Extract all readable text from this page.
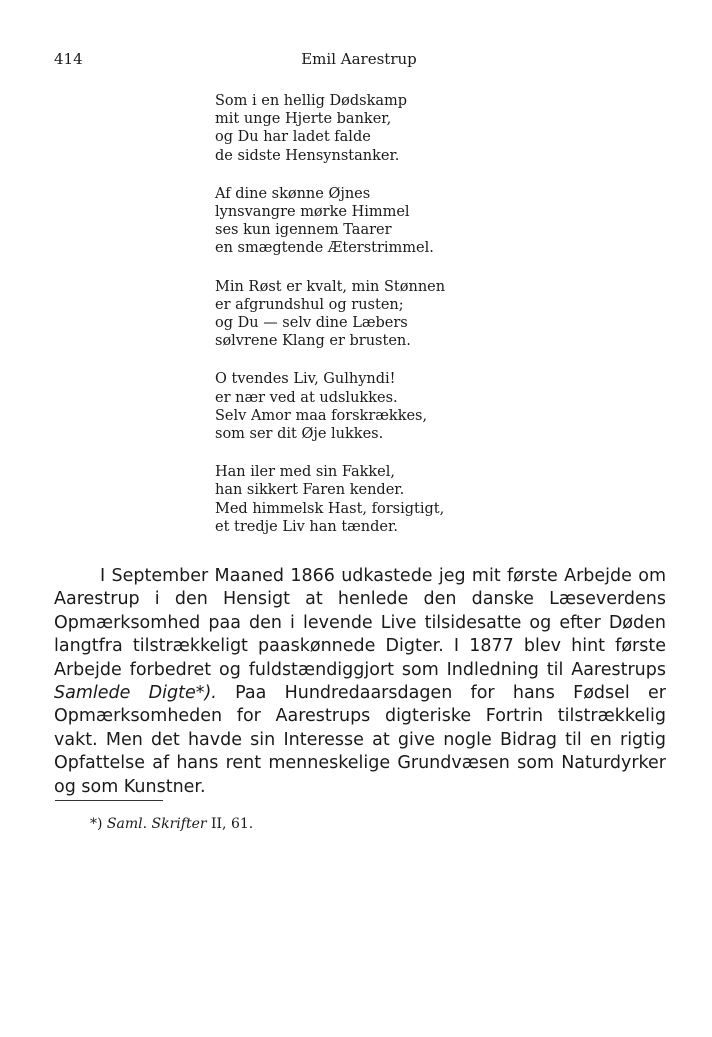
414	Emil Aarestrup
Som i en hellig Dødskamp
mit unge Hjerte banker,
og Du har ladet falde
de sidste Hensynstanker.
Af dine skønne Øjnes
lynsvangre mørke Himmel
ses kun igennem Taarer
en smægtende Æterstrimmel.
Min Røst er kvalt, min Stønnen
er afgrundshul og rusten;
og Du — selv dine Læbers
sølvrene Klang er brusten.
O tvendes Liv, Gulhyndi!
er nær ved at udslukkes.
Selv Amor maa forskrækkes,
som ser dit Øje lukkes.
Han iler med sin Fakkel,
han sikkert Faren kender.
Med himmelsk Hast, forsigtigt,
et tredje Liv han tænder.

I September Maaned 1866 udkastede jeg mit første Arbejde om Aarestrup i den Hensigt at henlede den danske Læseverdens Opmærksomhed paa den i levende Live tilsidesatte og efter Døden langtfra tilstrækkeligt paaskønnede Digter. I 1877 blev hint første Arbejde forbedret og fuldstændiggjort som Indledning til Aarestrups Samlede Digte*). Paa Hundredaarsdagen for hans Fødsel er Opmærksomheden for Aarestrups digteriske Fortrin tilstrækkelig vakt. Men det havde sin Interesse at give nogle Bidrag til en rigtig Opfattelse af hans rent menneskelige Grundvæsen som Naturdyrker og som Kunstner.

*) Saml. Skrifter II, 61.
